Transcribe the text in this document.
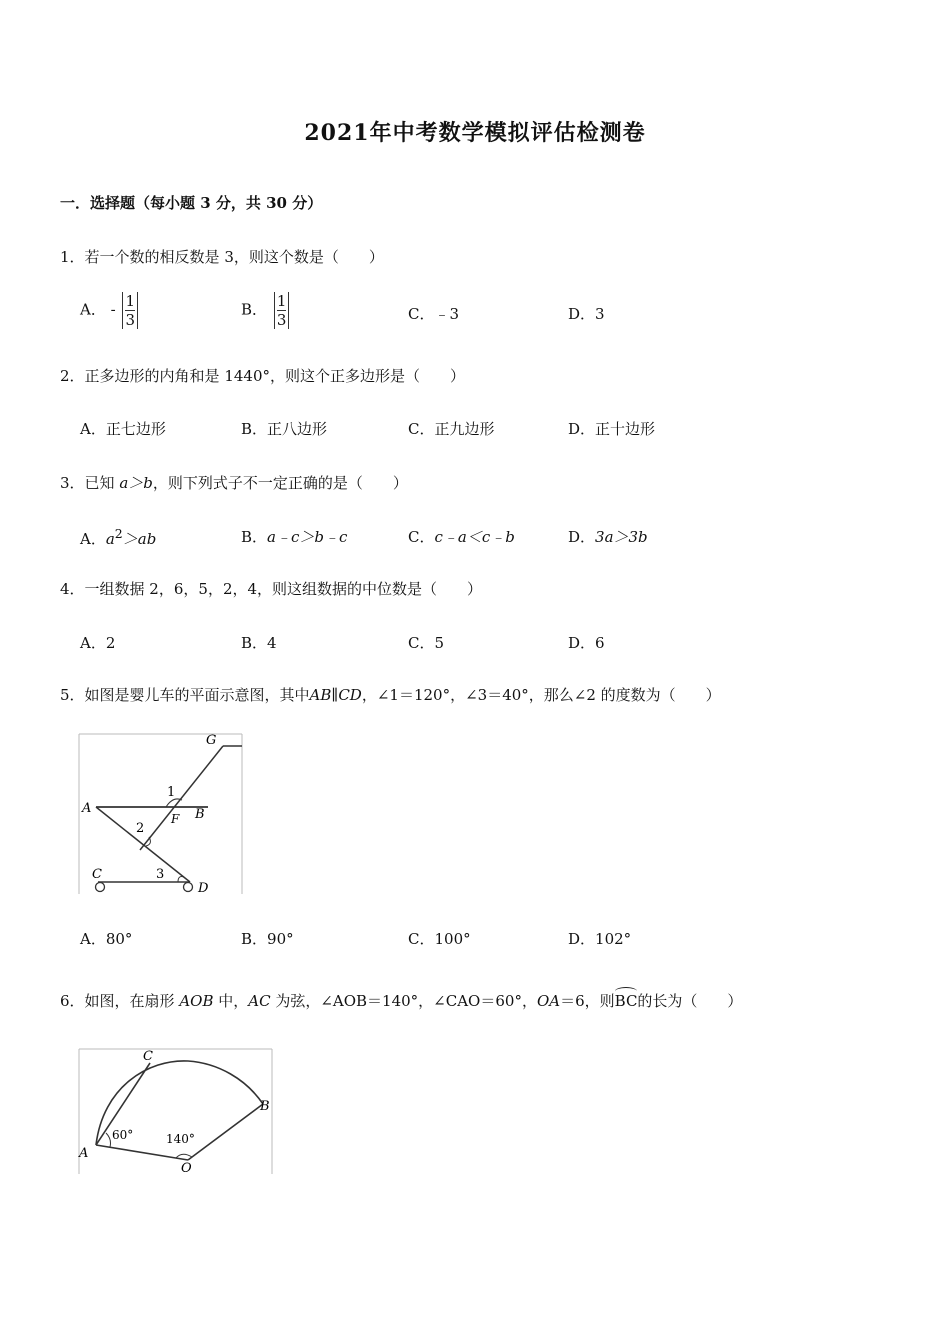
2021年中考数学模拟评估检测卷
一．选择题（每小题 3 分，共 30 分）
1．若一个数的相反数是 3，则这个数是（　　）
A． - $\frac{1}{3}$	B． $\frac{1}{3}$	C．﹣3	D．3
2．正多边形的内角和是 1440°，则这个正多边形是（　　）
A．正七边形	B．正八边形	C．正九边形	D．正十边形
3．已知 a＞b，则下列式子不一定正确的是（　　）
A．$a^2>ab$	B．a﹣c＞b﹣c	C．c﹣a＜c﹣b	D．3a＞3b
4．一组数据 2，6，5，2，4，则这组数据的中位数是（　　）
A．2	B．4	C．5	D．6
5．如图是婴儿车的平面示意图，其中AB∥CD，∠1＝120°，∠3＝40°，那么∠2 的度数为（　　）
G
A	B
F
C
D
1
2
3
A．80°	B．90°	C．100°	D．102°
6．如图，在扇形 AOB 中，AC 为弦，∠AOB＝140°，∠CAO＝60°，OA＝6，则BC的长为（　　）
C
B
A
O
60°	140°
